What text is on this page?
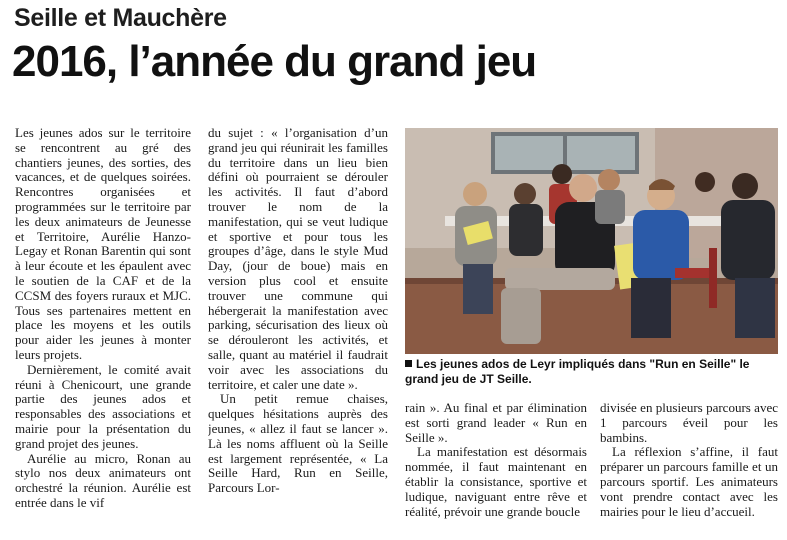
Seille et Mauchère
2016, l’année du grand jeu

Les jeunes ados sur le territoire se rencontrent au gré des chantiers jeunes, des sorties, des vacances, et de quelques soirées. Rencontres organisées et programmées sur le territoire par les deux animateurs de Jeunesse et Territoire, Aurélie Hanzo-Legay et Ronan Barentin qui sont à leur écoute et les épaulent avec le soutien de la CAF et de la CCSM des foyers ruraux et MJC. Tous ses partenaires mettent en place les moyens et les outils pour aider les jeunes à monter leurs projets.

Dernièrement, le comité avait réuni à Chenicourt, une grande partie des jeunes ados et responsables des associations et mairie pour la présentation du grand projet des jeunes.

Aurélie au micro, Ronan au stylo nos deux animateurs ont orchestré la réunion. Aurélie est entrée dans le vif

du sujet : « l’organisation d’un grand jeu qui réunirait les familles du territoire dans un lieu bien défini où pourraient se dérouler les activités. Il faut d’abord trouver le nom de la manifestation, qui se veut ludique et sportive et pour tous les groupes d’âge, dans le style Mud Day, (jour de boue) mais en version plus cool et ensuite trouver une commune qui hébergerait la manifestation avec parking, sécurisation des lieux où se dérouleront les activités, et salle, quant au matériel il faudrait voir avec les associations du territoire, et caler une date ».

Un petit remue chaises, quelques hésitations auprès des jeunes, « allez il faut se lancer ». Là les noms affluent où la Seille est largement représentée, « La Seille Hard, Run en Seille, Parcours Lor-

Les jeunes ados de Leyr impliqués dans "Run en Seille" le grand jeu de JT Seille.

rain ». Au final et par élimination est sorti grand leader « Run en Seille ».

La manifestation est désormais nommée, il faut maintenant en établir la consistance, sportive et ludique, naviguant entre rêve et réalité, prévoir une grande boucle

divisée en plusieurs parcours avec 1 parcours éveil pour les bambins.

La réflexion s’affine, il faut préparer un parcours famille et un parcours sportif. Les animateurs vont prendre contact avec les mairies pour le lieu d’accueil.
